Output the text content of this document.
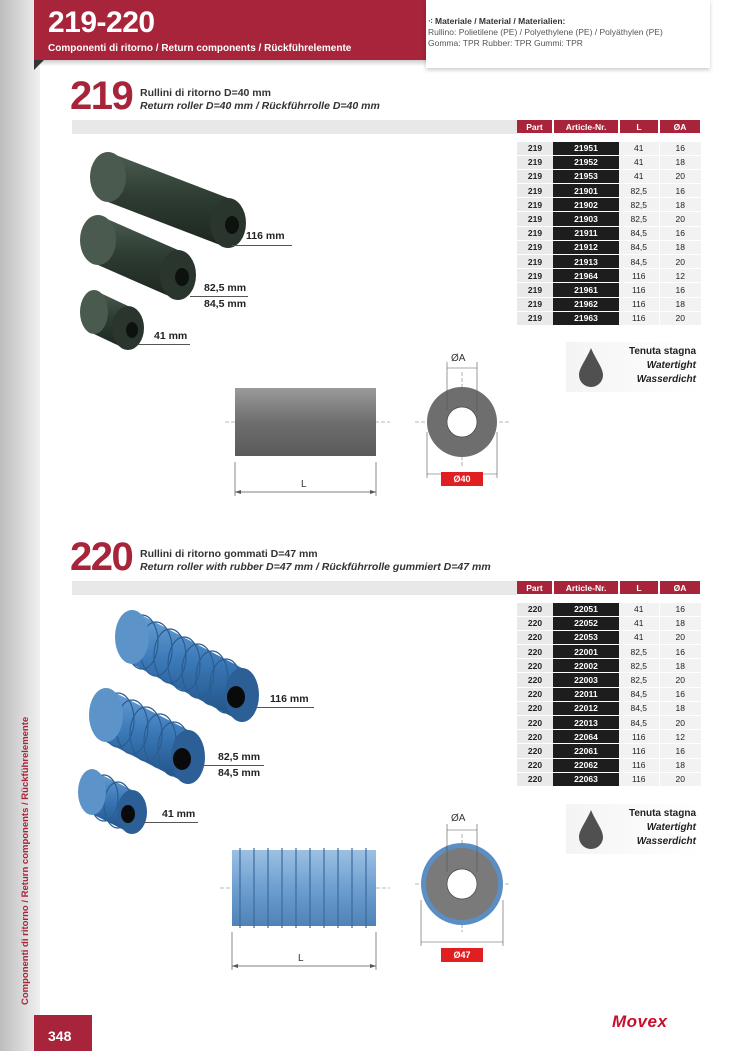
Componenti di ritorno / Return components / Rückführelemente
219-220
Componenti di ritorno / Return components / Rückführelemente
⁖ Materiale / Material / Materialien:
Rullino: Polietilene (PE) / Polyethylene (PE) / Polyäthylen (PE)
Gomma: TPR Rubber: TPR Gummi: TPR
219 Rullini di ritorno D=40 mm
Return roller D=40 mm / Rückführrolle D=40 mm
Part	Article-Nr.	L	ØA

219	21951	41	16
219	21952	41	18
219	21953	41	20
219	21901	82,5	16
219	21902	82,5	18
219	21903	82,5	20
219	21911	84,5	16
219	21912	84,5	18
219	21913	84,5	20
219	21964	116	12
219	21961	116	16
219	21962	116	18
219	21963	116	20
116 mm
82,5 mm
84,5 mm
41 mm
Tenuta stagna
Watertight
Wasserdicht
ØA
L	Ø40
220 Rullini di ritorno gommati D=47 mm
Return roller with rubber D=47 mm / Rückführrolle gummiert D=47 mm
Part	Article-Nr.	L	ØA

220	22051	41	16
220	22052	41	18
220	22053	41	20
220	22001	82,5	16
220	22002	82,5	18
220	22003	82,5	20
220	22011	84,5	16
220	22012	84,5	18
220	22013	84,5	20
220	22064	116	12
220	22061	116	16
220	22062	116	18
220	22063	116	20
116 mm
82,5 mm
84,5 mm
41 mm	Tenuta stagna
Watertight
Wasserdicht
ØA
L	Ø47
348
Movex
